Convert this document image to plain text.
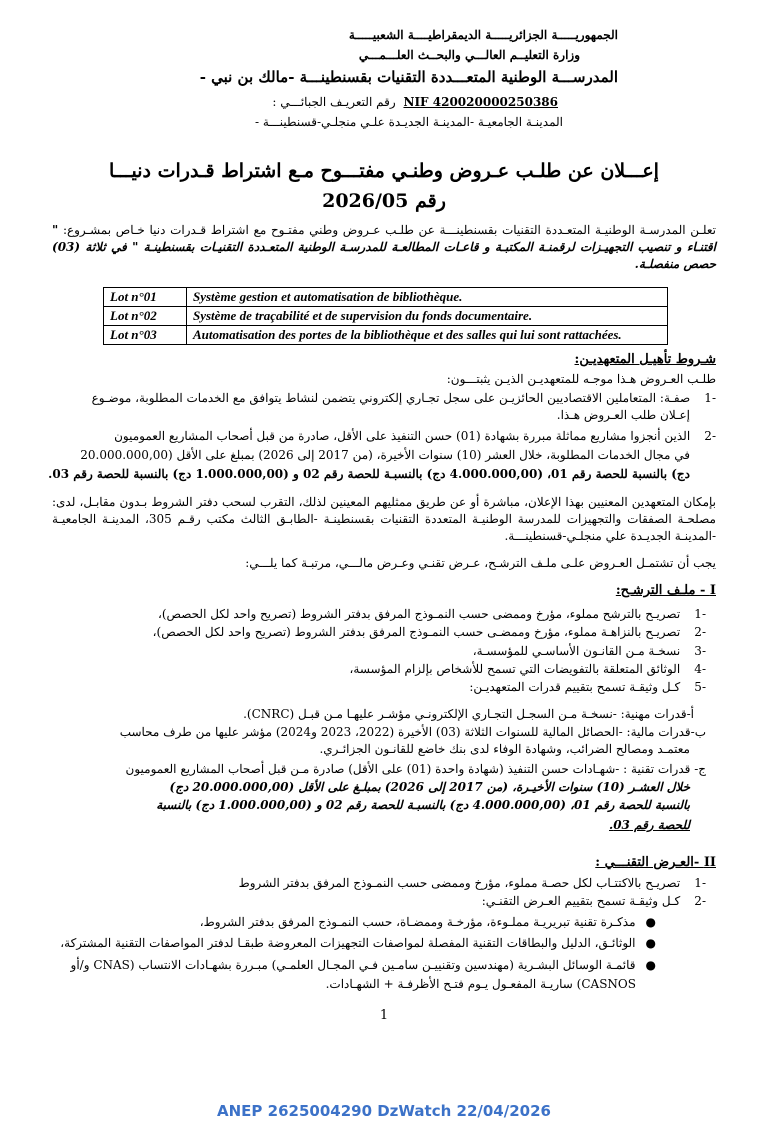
الجمهوريـــــة الجزائريـــــة الديمقراطيــــة الشعبيـــــة
وزارة التعليــم العالـــي والبحــث العلـــمـــي
المدرســـة الوطنية المتعـــددة التقنيات بقسنطينـــة -مالك بن نبي -
رقم التعريـف الجبائـــي : NIF 420020000250386
المدينـة الجامعيـة -المدينـة الجديـدة علـي منجلـي-قسنطينـــة -
إعـــلان عن طلـب عـروض وطنـي مفتـــوح مـع اشتراط قـدرات دنيـــا
رقم 2026/05
تعلـن المدرسـة الوطنيـة المتعـددة التقنيات بقسنطينـــة عن طلـب عـروض وطني مفتـوح مع اشتراط قـدرات دنيا خـاص بمشـروع: " اقتنـاء و تنصيب التجهيـزات لرقمنـة المكتبـة و قاعـات المطالعـة للمدرسـة الوطنية المتعـددة التقنيـات بقسنطينـة " في ثلاثة (03) حصص منفصلـة.
Lot n°01	Système gestion et automatisation de bibliothèque.
Lot n°02	Système de traçabilité et de supervision du fonds documentaire.
Lot n°03	Automatisation des portes de la bibliothèque et des salles qui lui sont rattachées.
شـروط تأهيـل المتعهديـن:
طلـب العـروض هـذا موجـه للمتعهديـن الذيـن يثبتـــون:
-1 صفـة: المتعاملين الاقتصاديين الحائزيـن على سجل تجـاري إلكتروني يتضمن لنشاط يتوافق مع الخدمات المطلوبة، موضـوع
إعـلان طلب العـروض هـذا.
-2 الذين أنجزوا مشاريع مماثلة مبررة بشهادة (01) حسن التنفيذ على الأقل، صادرة من قبل أصحاب المشاريع العموميون
في مجال الخدمات المطلوبة، خلال العشر (10) سنوات الأخيرة، (من 2017 إلى 2026) بمبلغ على الأقل (20.000.000,00
دج) بالنسبة للحصة رقم 01، (4.000.000,00 دج) بالنسبـة للحصة رقم 02 و (1.000.000,00 دج) بالنسبة للحصة رقم 03.
بإمكان المتعهدين المعنيين بهذا الإعلان، مباشرة أو عن طريق ممثليهم المعينين لذلك، التقرب لسحب دفتر الشروط بـدون مقابـل، لدى: مصلحـة الصفقات والتجهيزات للمدرسة الوطنيـة المتعددة التقنيات بقسنطينـة -الطابـق الثالث مكتب رقـم 305، المدينـة الجامعيـة -المدينـة الجديـدة علي منجلـي-قسنطينـــة.
يجب أن تشتمـل العـروض علـى ملـف الترشـح، عـرض تقنـي وعـرض مالـــي، مرتبـة كما يلـــي:
I - ملـف الترشـح:
-1 تصريـح بالترشح مملوء، مؤرخ وممضى حسب النمـوذج المرفق بدفتر الشروط (تصريح واحد لكل الحصص)،
-2 تصريـح بالنزاهـة مملوء، مؤرخ وممضـى حسب النمـوذج المرفق بدفتر الشروط (تصريح واحد لكل الحصص)،
-3 نسخـة مـن القانـون الأساسـي للمؤسسـة،
-4 الوثائق المتعلقة بالتفويضات التي تسمح للأشخاص بإلزام المؤسسة،
-5 كـل وثيقـة تسمح بتقييم قدرات المتعهديـن:
أ-قدرات مهنية: -نسخـة مـن السجـل التجـاري الإلكترونـي مؤشـر عليهـا مـن قبـل (CNRC).
ب-قدرات مالية: -الحصائل المالية للسنوات الثلاثة (03) الأخيرة (2022، 2023 و2024) مؤشر عليها من طرف محاسب
معتمـد ومصالح الضرائب، وشهادة الوفاء لدى بنك خاضع للقانـون الجزائـري.
ج- قدرات تقنية : -شهـادات حسن التنفيذ (شهادة واحدة (01) على الأقل) صادرة مـن قبل أصحاب المشاريع العموميون
خلال العشـر (10) سنوات الأخيـرة، (من 2017 إلى 2026) بمبلـغ على الأقل (20.000.000,00 دج)
بالنسبة للحصة رقم 01، (4.000.000,00 دج) بالنسبـة للحصة رقم 02 و (1.000.000,00 دج) بالنسبة
للحصة رقم 03.
II -العـرض التقنـــي :
-1 تصريـح بالاكتتـاب لكل حصـة مملوء، مؤرخ وممضى حسب النمـوذج المرفق بدفتر الشروط
-2 كـل وثيقـة تسمح بتقييم العـرض التقنـي:
●مذكـرة تقنية تبريريـة مملـوءة، مؤرخـة وممضـاة، حسب النمـوذج المرفق بدفتر الشروط،
●الوثائـق، الدليل والبطاقات التقنية المفصلة لمواصفات التجهيزات المعروضة طبقـا لدفتر المواصفات التقنية المشتركة،
●قائمـة الوسائل البشـرية (مهندسين وتقنييـن سامـين فـي المجـال العلمـي) مبـررة بشهـادات الانتساب (CNAS و/أو
CASNOS) ساريـة المفعـول يـوم فتـح الأظرفـة + الشهـادات.
1
ANEP 2625004290 DzWatch 22/04/2026
